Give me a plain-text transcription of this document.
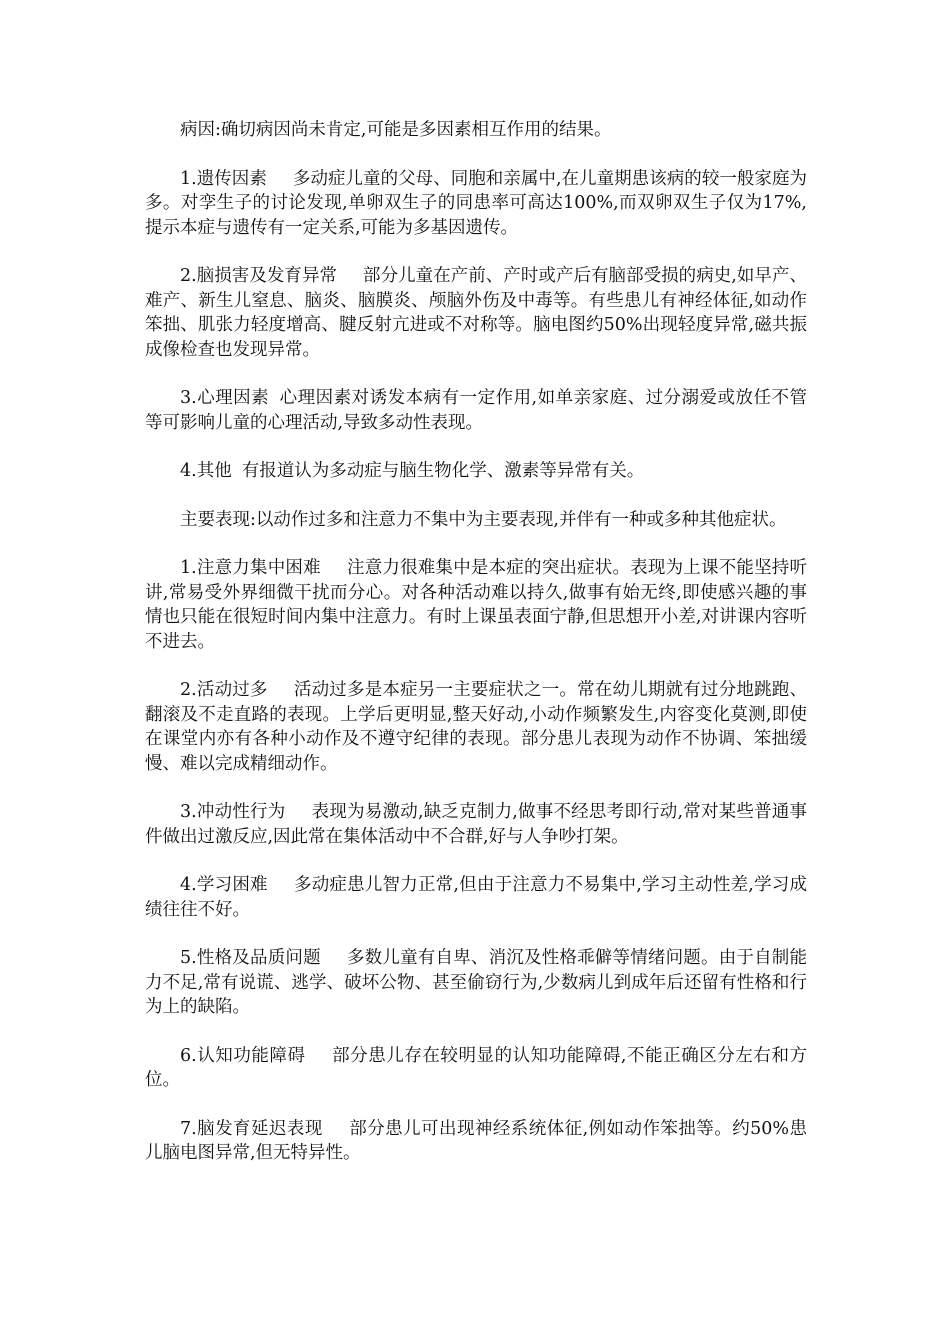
病因:确切病因尚未肯定,可能是多因素相互作用的结果。

1.遗传因素 多动症儿童的父母、同胞和亲属中,在儿童期患该病的较一般家庭为多。对孪生子的讨论发现,单卵双生子的同患率可高达100%,而双卵双生子仅为17%,提示本症与遗传有一定关系,可能为多基因遗传。

2.脑损害及发育异常 部分儿童在产前、产时或产后有脑部受损的病史,如早产、难产、新生儿窒息、脑炎、脑膜炎、颅脑外伤及中毒等。有些患儿有神经体征,如动作笨拙、肌张力轻度增高、腱反射亢进或不对称等。脑电图约50%出现轻度异常,磁共振成像检查也发现异常。

3.心理因素 心理因素对诱发本病有一定作用,如单亲家庭、过分溺爱或放任不管等可影响儿童的心理活动,导致多动性表现。

4.其他 有报道认为多动症与脑生物化学、激素等异常有关。

主要表现:以动作过多和注意力不集中为主要表现,并伴有一种或多种其他症状。

1.注意力集中困难 注意力很难集中是本症的突出症状。表现为上课不能坚持听讲,常易受外界细微干扰而分心。对各种活动难以持久,做事有始无终,即使感兴趣的事情也只能在很短时间内集中注意力。有时上课虽表面宁静,但思想开小差,对讲课内容听不进去。

2.活动过多 活动过多是本症另一主要症状之一。常在幼儿期就有过分地跳跑、翻滚及不走直路的表现。上学后更明显,整天好动,小动作频繁发生,内容变化莫测,即使在课堂内亦有各种小动作及不遵守纪律的表现。部分患儿表现为动作不协调、笨拙缓慢、难以完成精细动作。

3.冲动性行为 表现为易激动,缺乏克制力,做事不经思考即行动,常对某些普通事件做出过激反应,因此常在集体活动中不合群,好与人争吵打架。

4.学习困难 多动症患儿智力正常,但由于注意力不易集中,学习主动性差,学习成绩往往不好。

5.性格及品质问题 多数儿童有自卑、消沉及性格乖僻等情绪问题。由于自制能力不足,常有说谎、逃学、破坏公物、甚至偷窃行为,少数病儿到成年后还留有性格和行为上的缺陷。

6.认知功能障碍 部分患儿存在较明显的认知功能障碍,不能正确区分左右和方位。

7.脑发育延迟表现 部分患儿可出现神经系统体征,例如动作笨拙等。约50%患儿脑电图异常,但无特异性。
